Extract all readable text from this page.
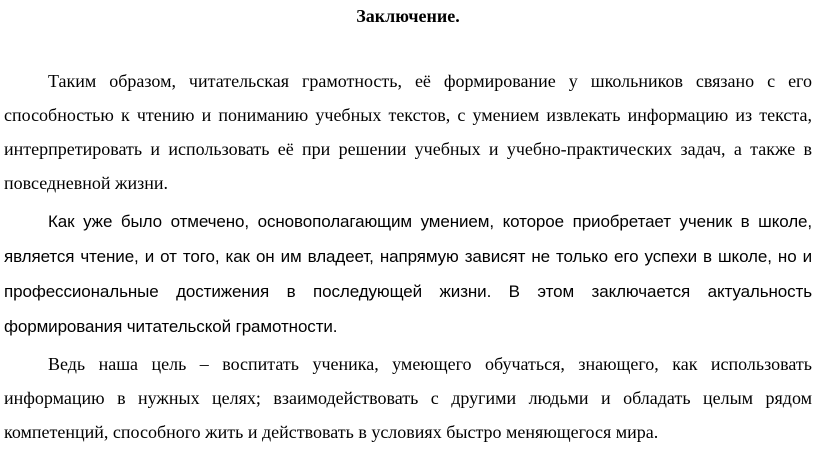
Заключение.

Таким образом, читательская грамотность, её формирование у школьников связано с его способностью к чтению и пониманию учебных текстов, с умением извлекать информацию из текста, интерпретировать и использовать её при решении учебных и учебно-практических задач, а также в повседневной жизни.

Как уже было отмечено, основополагающим умением, которое приобретает ученик в школе, является чтение, и от того, как он им владеет, напрямую зависят не только его успехи в школе, но и профессиональные достижения в последующей жизни. В этом заключается актуальность формирования читательской грамотности.

Ведь наша цель – воспитать ученика, умеющего обучаться, знающего, как использовать информацию в нужных целях; взаимодействовать с другими людьми и обладать целым рядом компетенций, способного жить и действовать в условиях быстро меняющегося мира.
